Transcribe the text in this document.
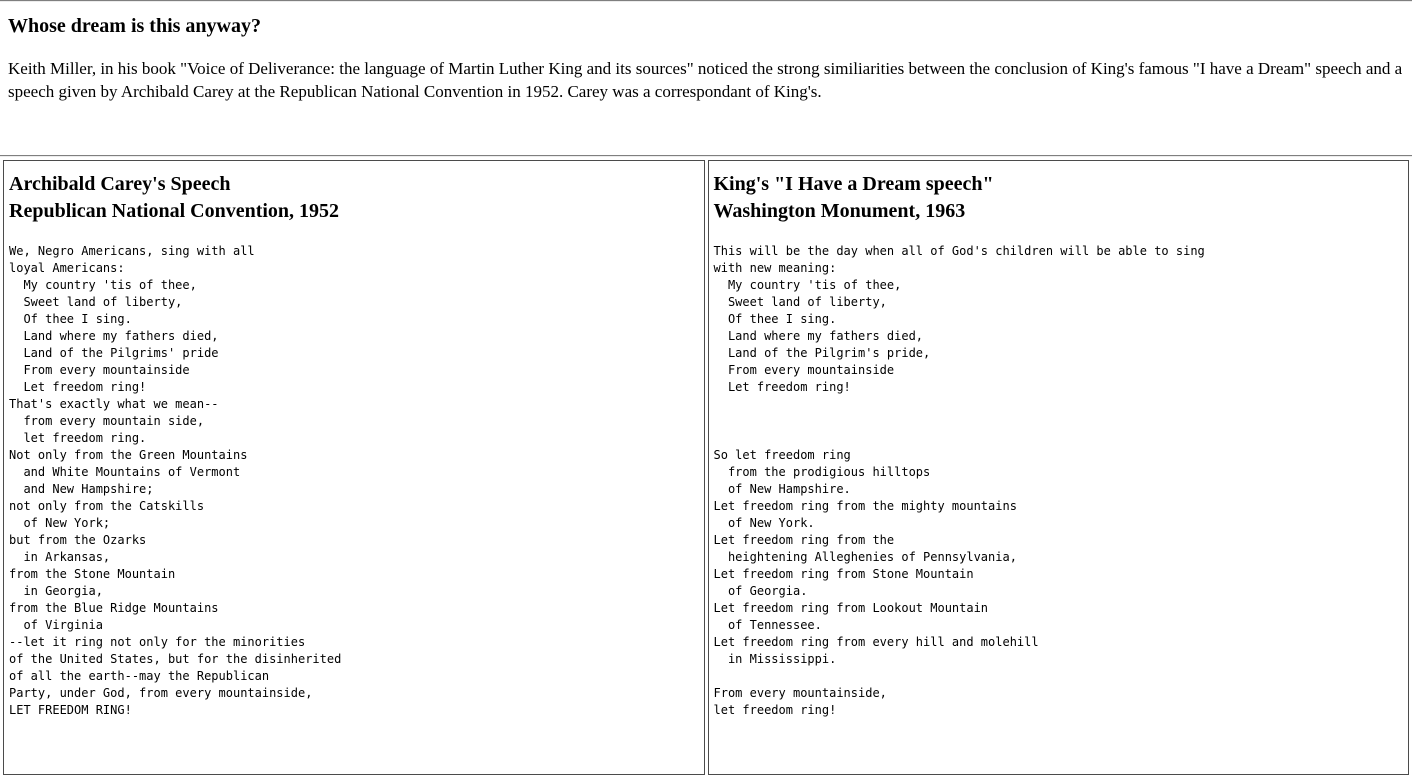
Whose dream is this anyway?

Keith Miller, in his book "Voice of Deliverance: the language of Martin Luther King and its sources" noticed the strong similiarities between the conclusion of King's famous "I have a Dream" speech and a speech given by Archibald Carey at the Republican National Convention in 1952. Carey was a correspondant of King's.

Archibald Carey's Speech
Republican National Convention, 1952
We, Negro Americans, sing with all
loyal Americans:
My country 'tis of thee,
Sweet land of liberty,
Of thee I sing.
Land where my fathers died,
Land of the Pilgrims' pride
From every mountainside
Let freedom ring!
That's exactly what we mean--
from every mountain side,
let freedom ring.
Not only from the Green Mountains
and White Mountains of Vermont
and New Hampshire;
not only from the Catskills
of New York;
but from the Ozarks
in Arkansas,
from the Stone Mountain
in Georgia,
from the Blue Ridge Mountains
of Virginia
--let it ring not only for the minorities
of the United States, but for the disinherited
of all the earth--may the Republican
Party, under God, from every mountainside,
LET FREEDOM RING!

King's "I Have a Dream speech"
Washington Monument, 1963
This will be the day when all of God's children will be able to sing
with new meaning:
My country 'tis of thee,
Sweet land of liberty,
Of thee I sing.
Land where my fathers died,
Land of the Pilgrim's pride,
From every mountainside
Let freedom ring!

So let freedom ring
from the prodigious hilltops
of New Hampshire.
Let freedom ring from the mighty mountains
of New York.
Let freedom ring from the
heightening Alleghenies of Pennsylvania,
Let freedom ring from Stone Mountain
of Georgia.
Let freedom ring from Lookout Mountain
of Tennessee.
Let freedom ring from every hill and molehill
in Mississippi.

From every mountainside,
let freedom ring!
